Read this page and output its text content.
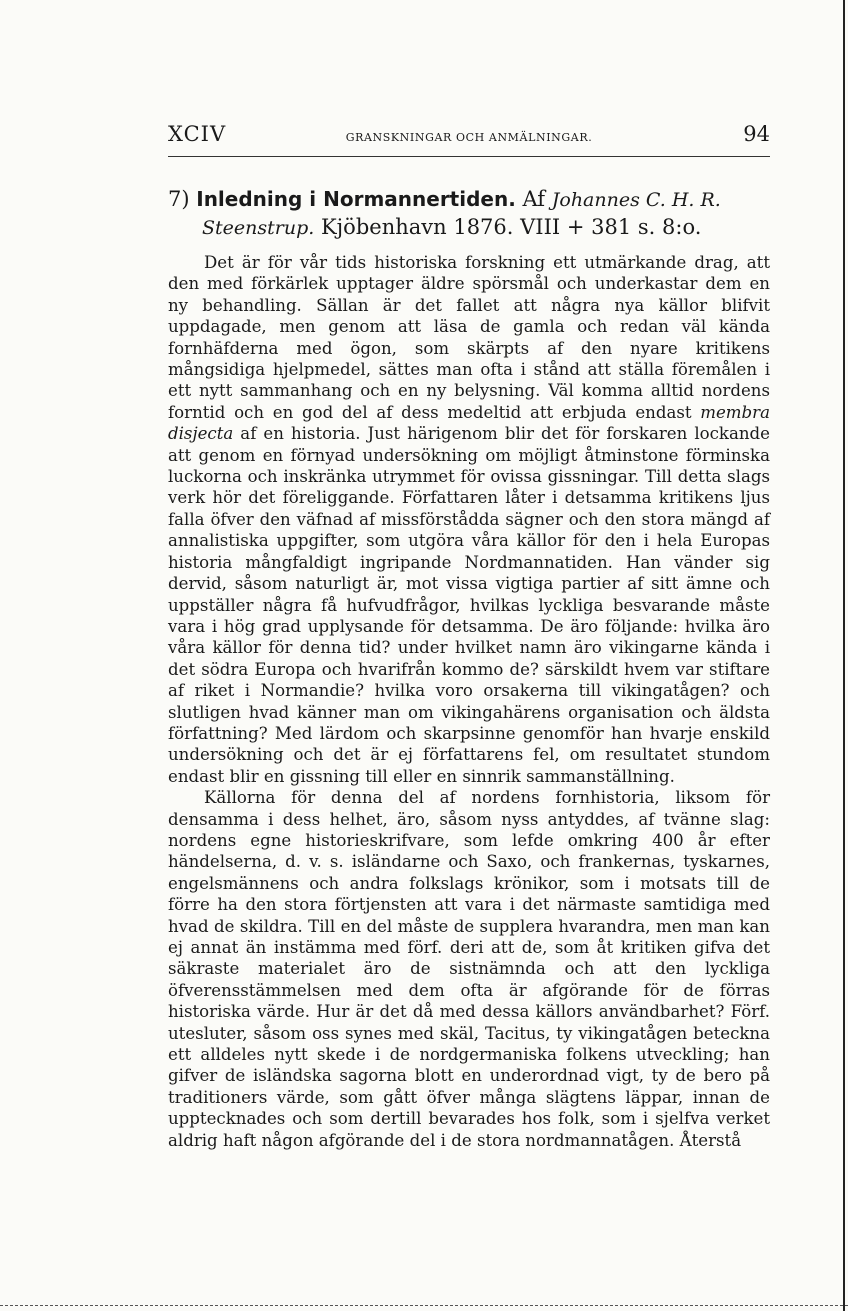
XCIV	GRANSKNINGAR OCH ANMÄLNINGAR.	94
7) Inledning i Normannertiden. Af Johannes C. H. R.
Steenstrup. Kjöbenhavn 1876. VIII + 381 s. 8:o.

Det är för vår tids historiska forskning ett utmärkande drag, att den med förkärlek upptager äldre spörsmål och underkastar dem en ny behandling. Sällan är det fallet att några nya källor blifvit uppdagade, men genom att läsa de gamla och redan väl kända fornhäfderna med ögon, som skärpts af den nyare kritikens mångsidiga hjelpmedel, sättes man ofta i stånd att ställa föremålen i ett nytt sammanhang och en ny belysning. Väl komma alltid nordens forntid och en god del af dess medeltid att erbjuda endast membra disjecta af en historia. Just härigenom blir det för forskaren lockande att genom en förnyad undersökning om möjligt åtminstone förminska luckorna och inskränka utrymmet för ovissa gissningar. Till detta slags verk hör det föreliggande. Författaren låter i detsamma kritikens ljus falla öfver den väfnad af missförstådda sägner och den stora mängd af annalistiska uppgifter, som utgöra våra källor för den i hela Europas historia mångfaldigt ingripande Nordmannatiden. Han vänder sig dervid, såsom naturligt är, mot vissa vigtiga partier af sitt ämne och uppställer några få hufvudfrågor, hvilkas lyckliga besvarande måste vara i hög grad upplysande för detsamma. De äro följande: hvilka äro våra källor för denna tid? under hvilket namn äro vikingarne kända i det södra Europa och hvarifrån kommo de? särskildt hvem var stiftare af riket i Normandie? hvilka voro orsakerna till vikingatågen? och slutligen hvad känner man om vikingahärens organisation och äldsta författning? Med lärdom och skarpsinne genomför han hvarje enskild undersökning och det är ej författarens fel, om resultatet stundom endast blir en gissning till eller en sinnrik sammanställning.

Källorna för denna del af nordens fornhistoria, liksom för densamma i dess helhet, äro, såsom nyss antyddes, af tvänne slag: nordens egne historieskrifvare, som lefde omkring 400 år efter händelserna, d. v. s. isländarne och Saxo, och frankernas, tyskarnes, engelsmännens och andra folkslags krönikor, som i motsats till de förre ha den stora förtjensten att vara i det närmaste samtidiga med hvad de skildra. Till en del måste de supplera hvarandra, men man kan ej annat än instämma med förf. deri att de, som åt kritiken gifva det säkraste materialet äro de sistnämnda och att den lyckliga öfverensstämmelsen med dem ofta är afgörande för de förras historiska värde. Hur är det då med dessa källors användbarhet? Förf. utesluter, såsom oss synes med skäl, Tacitus, ty vikingatågen beteckna ett alldeles nytt skede i de nordgermaniska folkens utveckling; han gifver de isländska sagorna blott en underordnad vigt, ty de bero på traditioners värde, som gått öfver många slägtens läppar, innan de upptecknades och som dertill bevarades hos folk, som i sjelfva verket aldrig haft någon afgörande del i de stora nordmannatågen. Återstå
